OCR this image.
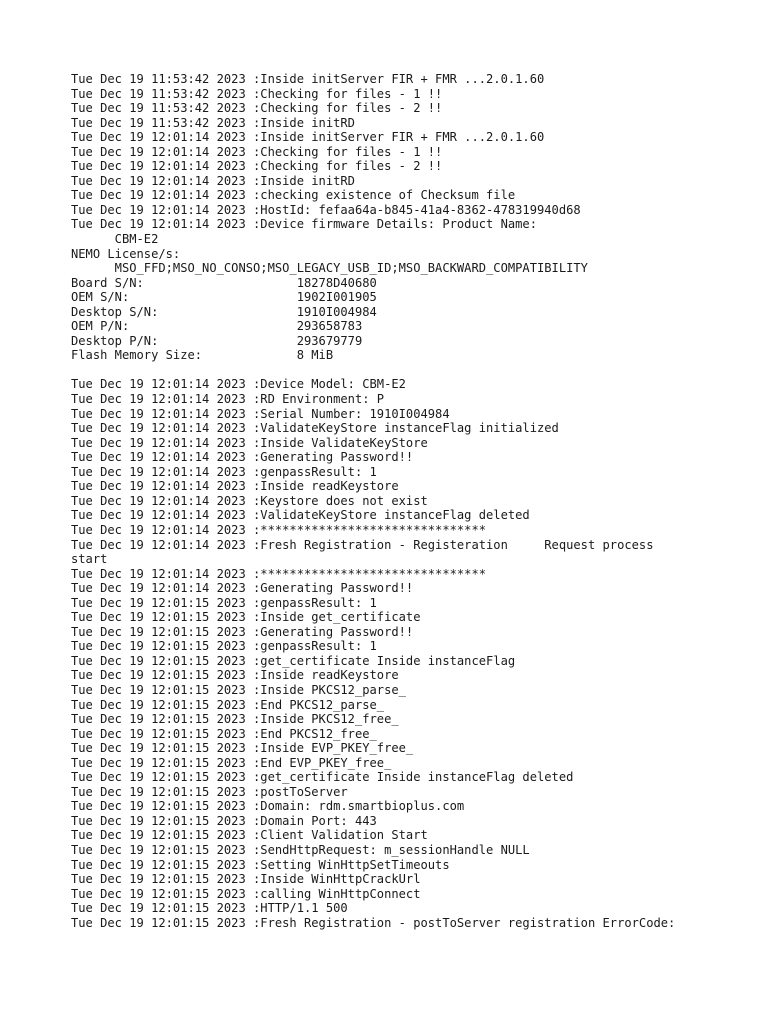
Tue Dec 19 11:53:42 2023 :Inside initServer FIR + FMR ...2.0.1.60
Tue Dec 19 11:53:42 2023 :Checking for files - 1 !!
Tue Dec 19 11:53:42 2023 :Checking for files - 2 !!
Tue Dec 19 11:53:42 2023 :Inside initRD
Tue Dec 19 12:01:14 2023 :Inside initServer FIR + FMR ...2.0.1.60
Tue Dec 19 12:01:14 2023 :Checking for files - 1 !!
Tue Dec 19 12:01:14 2023 :Checking for files - 2 !!
Tue Dec 19 12:01:14 2023 :Inside initRD
Tue Dec 19 12:01:14 2023 :checking existence of Checksum file
Tue Dec 19 12:01:14 2023 :HostId: fefaa64a-b845-41a4-8362-478319940d68
Tue Dec 19 12:01:14 2023 :Device firmware Details: Product Name:
CBM-E2
NEMO License/s:
MSO_FFD;MSO_NO_CONSO;MSO_LEGACY_USB_ID;MSO_BACKWARD_COMPATIBILITY
Board S/N:                     18278D40680
OEM S/N:                       1902I001905
Desktop S/N:                   1910I004984
OEM P/N:                       293658783
Desktop P/N:                   293679779
Flash Memory Size:             8 MiB
Tue Dec 19 12:01:14 2023 :Device Model: CBM-E2
Tue Dec 19 12:01:14 2023 :RD Environment: P
Tue Dec 19 12:01:14 2023 :Serial Number: 1910I004984
Tue Dec 19 12:01:14 2023 :ValidateKeyStore instanceFlag initialized
Tue Dec 19 12:01:14 2023 :Inside ValidateKeyStore
Tue Dec 19 12:01:14 2023 :Generating Password!!
Tue Dec 19 12:01:14 2023 :genpassResult: 1
Tue Dec 19 12:01:14 2023 :Inside readKeystore
Tue Dec 19 12:01:14 2023 :Keystore does not exist
Tue Dec 19 12:01:14 2023 :ValidateKeyStore instanceFlag deleted
Tue Dec 19 12:01:14 2023 :*******************************
Tue Dec 19 12:01:14 2023 :Fresh Registration - Registeration     Request process
start
Tue Dec 19 12:01:14 2023 :*******************************
Tue Dec 19 12:01:14 2023 :Generating Password!!
Tue Dec 19 12:01:15 2023 :genpassResult: 1
Tue Dec 19 12:01:15 2023 :Inside get_certificate
Tue Dec 19 12:01:15 2023 :Generating Password!!
Tue Dec 19 12:01:15 2023 :genpassResult: 1
Tue Dec 19 12:01:15 2023 :get_certificate Inside instanceFlag
Tue Dec 19 12:01:15 2023 :Inside readKeystore
Tue Dec 19 12:01:15 2023 :Inside PKCS12_parse_
Tue Dec 19 12:01:15 2023 :End PKCS12_parse_
Tue Dec 19 12:01:15 2023 :Inside PKCS12_free_
Tue Dec 19 12:01:15 2023 :End PKCS12_free_
Tue Dec 19 12:01:15 2023 :Inside EVP_PKEY_free_
Tue Dec 19 12:01:15 2023 :End EVP_PKEY_free_
Tue Dec 19 12:01:15 2023 :get_certificate Inside instanceFlag deleted
Tue Dec 19 12:01:15 2023 :postToServer
Tue Dec 19 12:01:15 2023 :Domain: rdm.smartbioplus.com
Tue Dec 19 12:01:15 2023 :Domain Port: 443
Tue Dec 19 12:01:15 2023 :Client Validation Start
Tue Dec 19 12:01:15 2023 :SendHttpRequest: m_sessionHandle NULL
Tue Dec 19 12:01:15 2023 :Setting WinHttpSetTimeouts
Tue Dec 19 12:01:15 2023 :Inside WinHttpCrackUrl
Tue Dec 19 12:01:15 2023 :calling WinHttpConnect
Tue Dec 19 12:01:15 2023 :HTTP/1.1 500
Tue Dec 19 12:01:15 2023 :Fresh Registration - postToServer registration ErrorCode:
